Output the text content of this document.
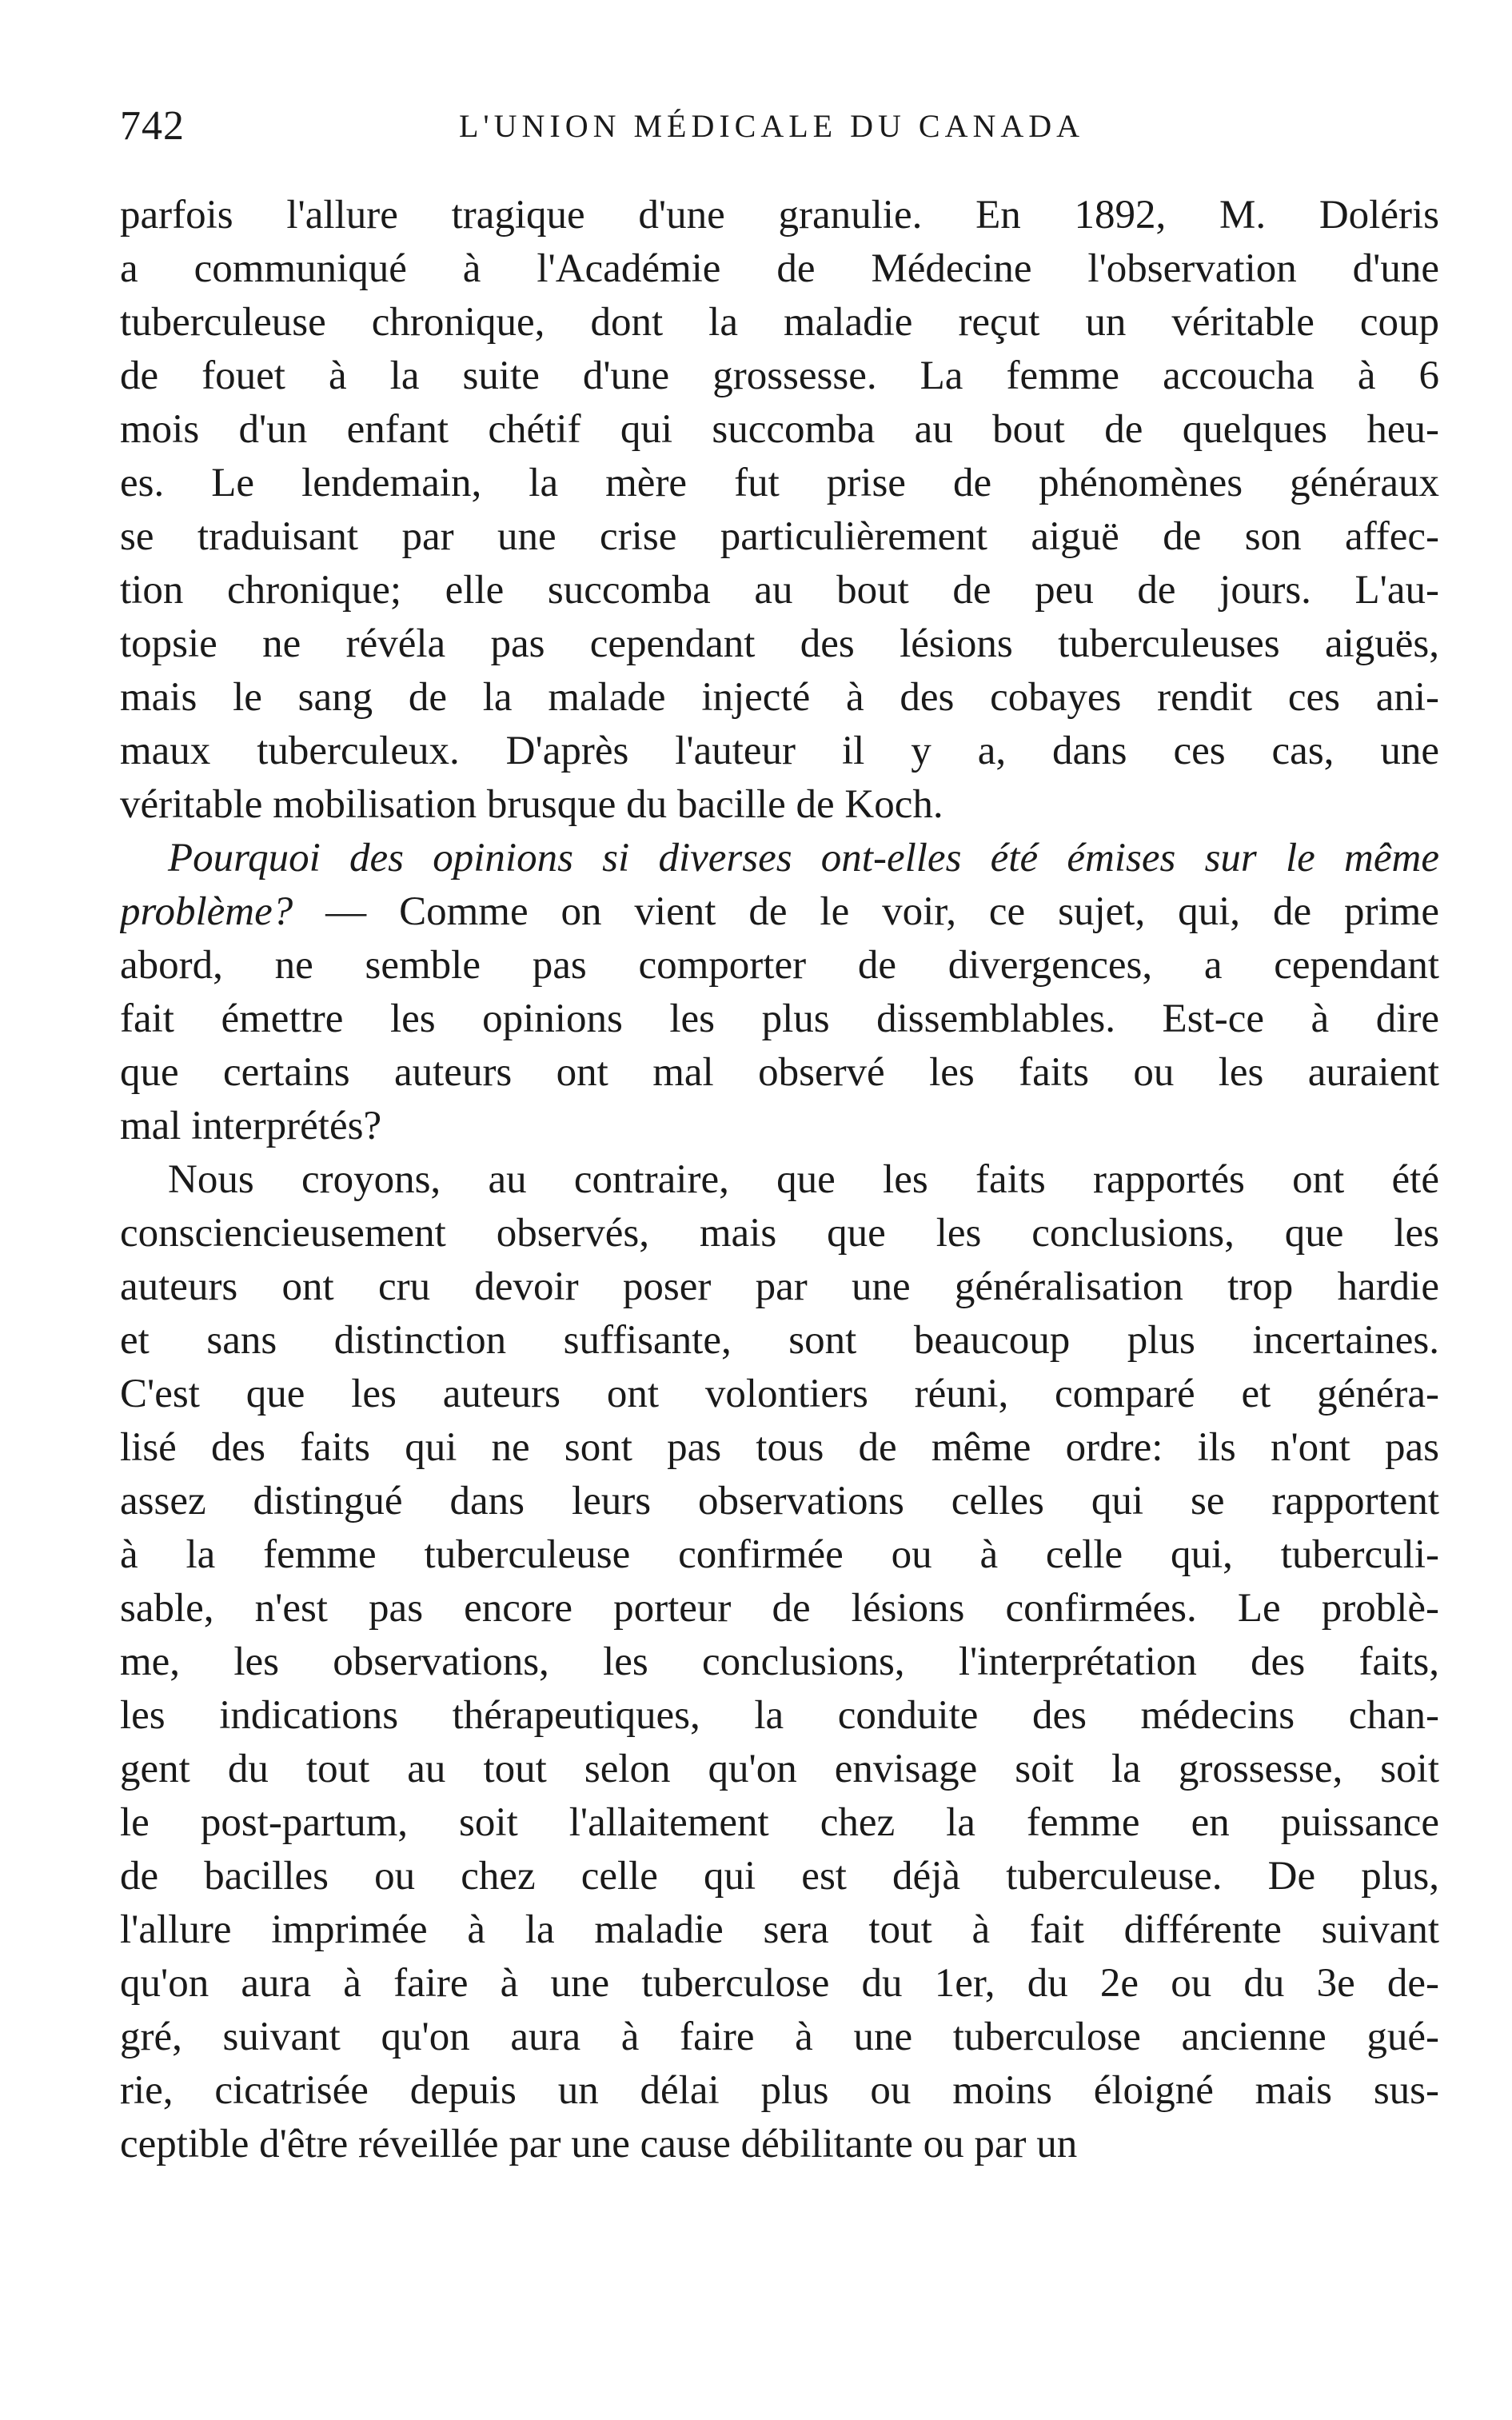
742	L'UNION MÉDICALE DU CANADA
parfois l'allure tragique d'une granulie. En 1892, M. Doléris
a communiqué à l'Académie de Médecine l'observation d'une
tuberculeuse chronique, dont la maladie reçut un véritable coup
de fouet à la suite d'une grossesse. La femme accoucha à 6
mois d'un enfant chétif qui succomba au bout de quelques heu-
es. Le lendemain, la mère fut prise de phénomènes généraux
se traduisant par une crise particulièrement aiguë de son affec-
tion chronique; elle succomba au bout de peu de jours. L'au-
topsie ne révéla pas cependant des lésions tuberculeuses aiguës,
mais le sang de la malade injecté à des cobayes rendit ces ani-
maux tuberculeux. D'après l'auteur il y a, dans ces cas, une
véritable mobilisation brusque du bacille de Koch.
Pourquoi des opinions si diverses ont-elles été émises sur le même
problème? — Comme on vient de le voir, ce sujet, qui, de prime
abord, ne semble pas comporter de divergences, a cependant
fait émettre les opinions les plus dissemblables. Est-ce à dire
que certains auteurs ont mal observé les faits ou les auraient
mal interprétés?
Nous croyons, au contraire, que les faits rapportés ont été
consciencieusement observés, mais que les conclusions, que les
auteurs ont cru devoir poser par une généralisation trop hardie
et sans distinction suffisante, sont beaucoup plus incertaines.
C'est que les auteurs ont volontiers réuni, comparé et généra-
lisé des faits qui ne sont pas tous de même ordre: ils n'ont pas
assez distingué dans leurs observations celles qui se rapportent
à la femme tuberculeuse confirmée ou à celle qui, tuberculi-
sable, n'est pas encore porteur de lésions confirmées. Le problè-
me, les observations, les conclusions, l'interprétation des faits,
les indications thérapeutiques, la conduite des médecins chan-
gent du tout au tout selon qu'on envisage soit la grossesse, soit
le post-partum, soit l'allaitement chez la femme en puissance
de bacilles ou chez celle qui est déjà tuberculeuse. De plus,
l'allure imprimée à la maladie sera tout à fait différente suivant
qu'on aura à faire à une tuberculose du 1er, du 2e ou du 3e de-
gré, suivant qu'on aura à faire à une tuberculose ancienne gué-
rie, cicatrisée depuis un délai plus ou moins éloigné mais sus-
ceptible d'être réveillée par une cause débilitante ou par un
